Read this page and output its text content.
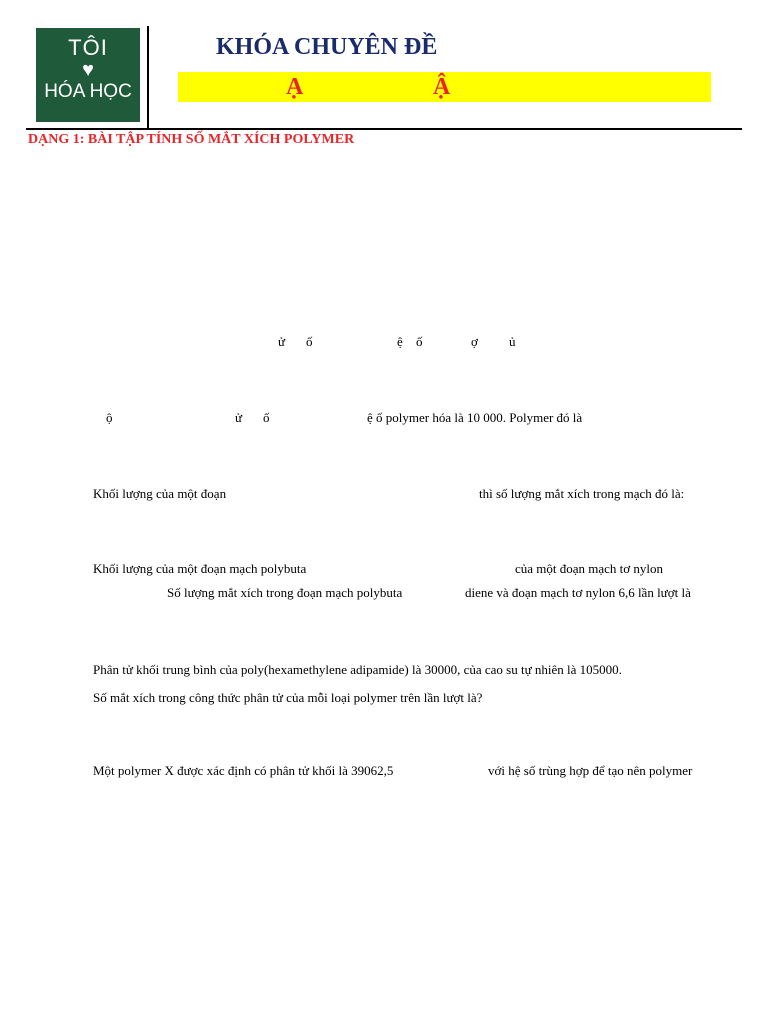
TÔI
♥
HÓA HỌC
KHÓA CHUYÊN ĐỀ
Ạ	Ậ
DẠNG 1: BÀI TẬP TÍNH SỐ MẮT XÍCH POLYMER
ử ố	ệ ố	ợ ủ
ộ	ử ố	ệ ố polymer hóa là 10 000. Polymer đó là
Khối lượng của một đoạn	thì số lượng mắt xích trong mạch đó là:
Khối lượng của một đoạn mạch polybuta	của một đoạn mạch tơ nylon
Số lượng mắt xích trong đoạn mạch polybuta	diene và đoạn mạch tơ nylon 6,6 lần lượt là
Phân tử khối trung bình của poly(hexamethylene adipamide) là 30000, của cao su tự nhiên là 105000.
Số mắt xích trong công thức phân tử của mỗi loại polymer trên lần lượt là?
Một polymer X được xác định có phân tử khối là 39062,5	với hệ số trùng hợp để tạo nên polymer
